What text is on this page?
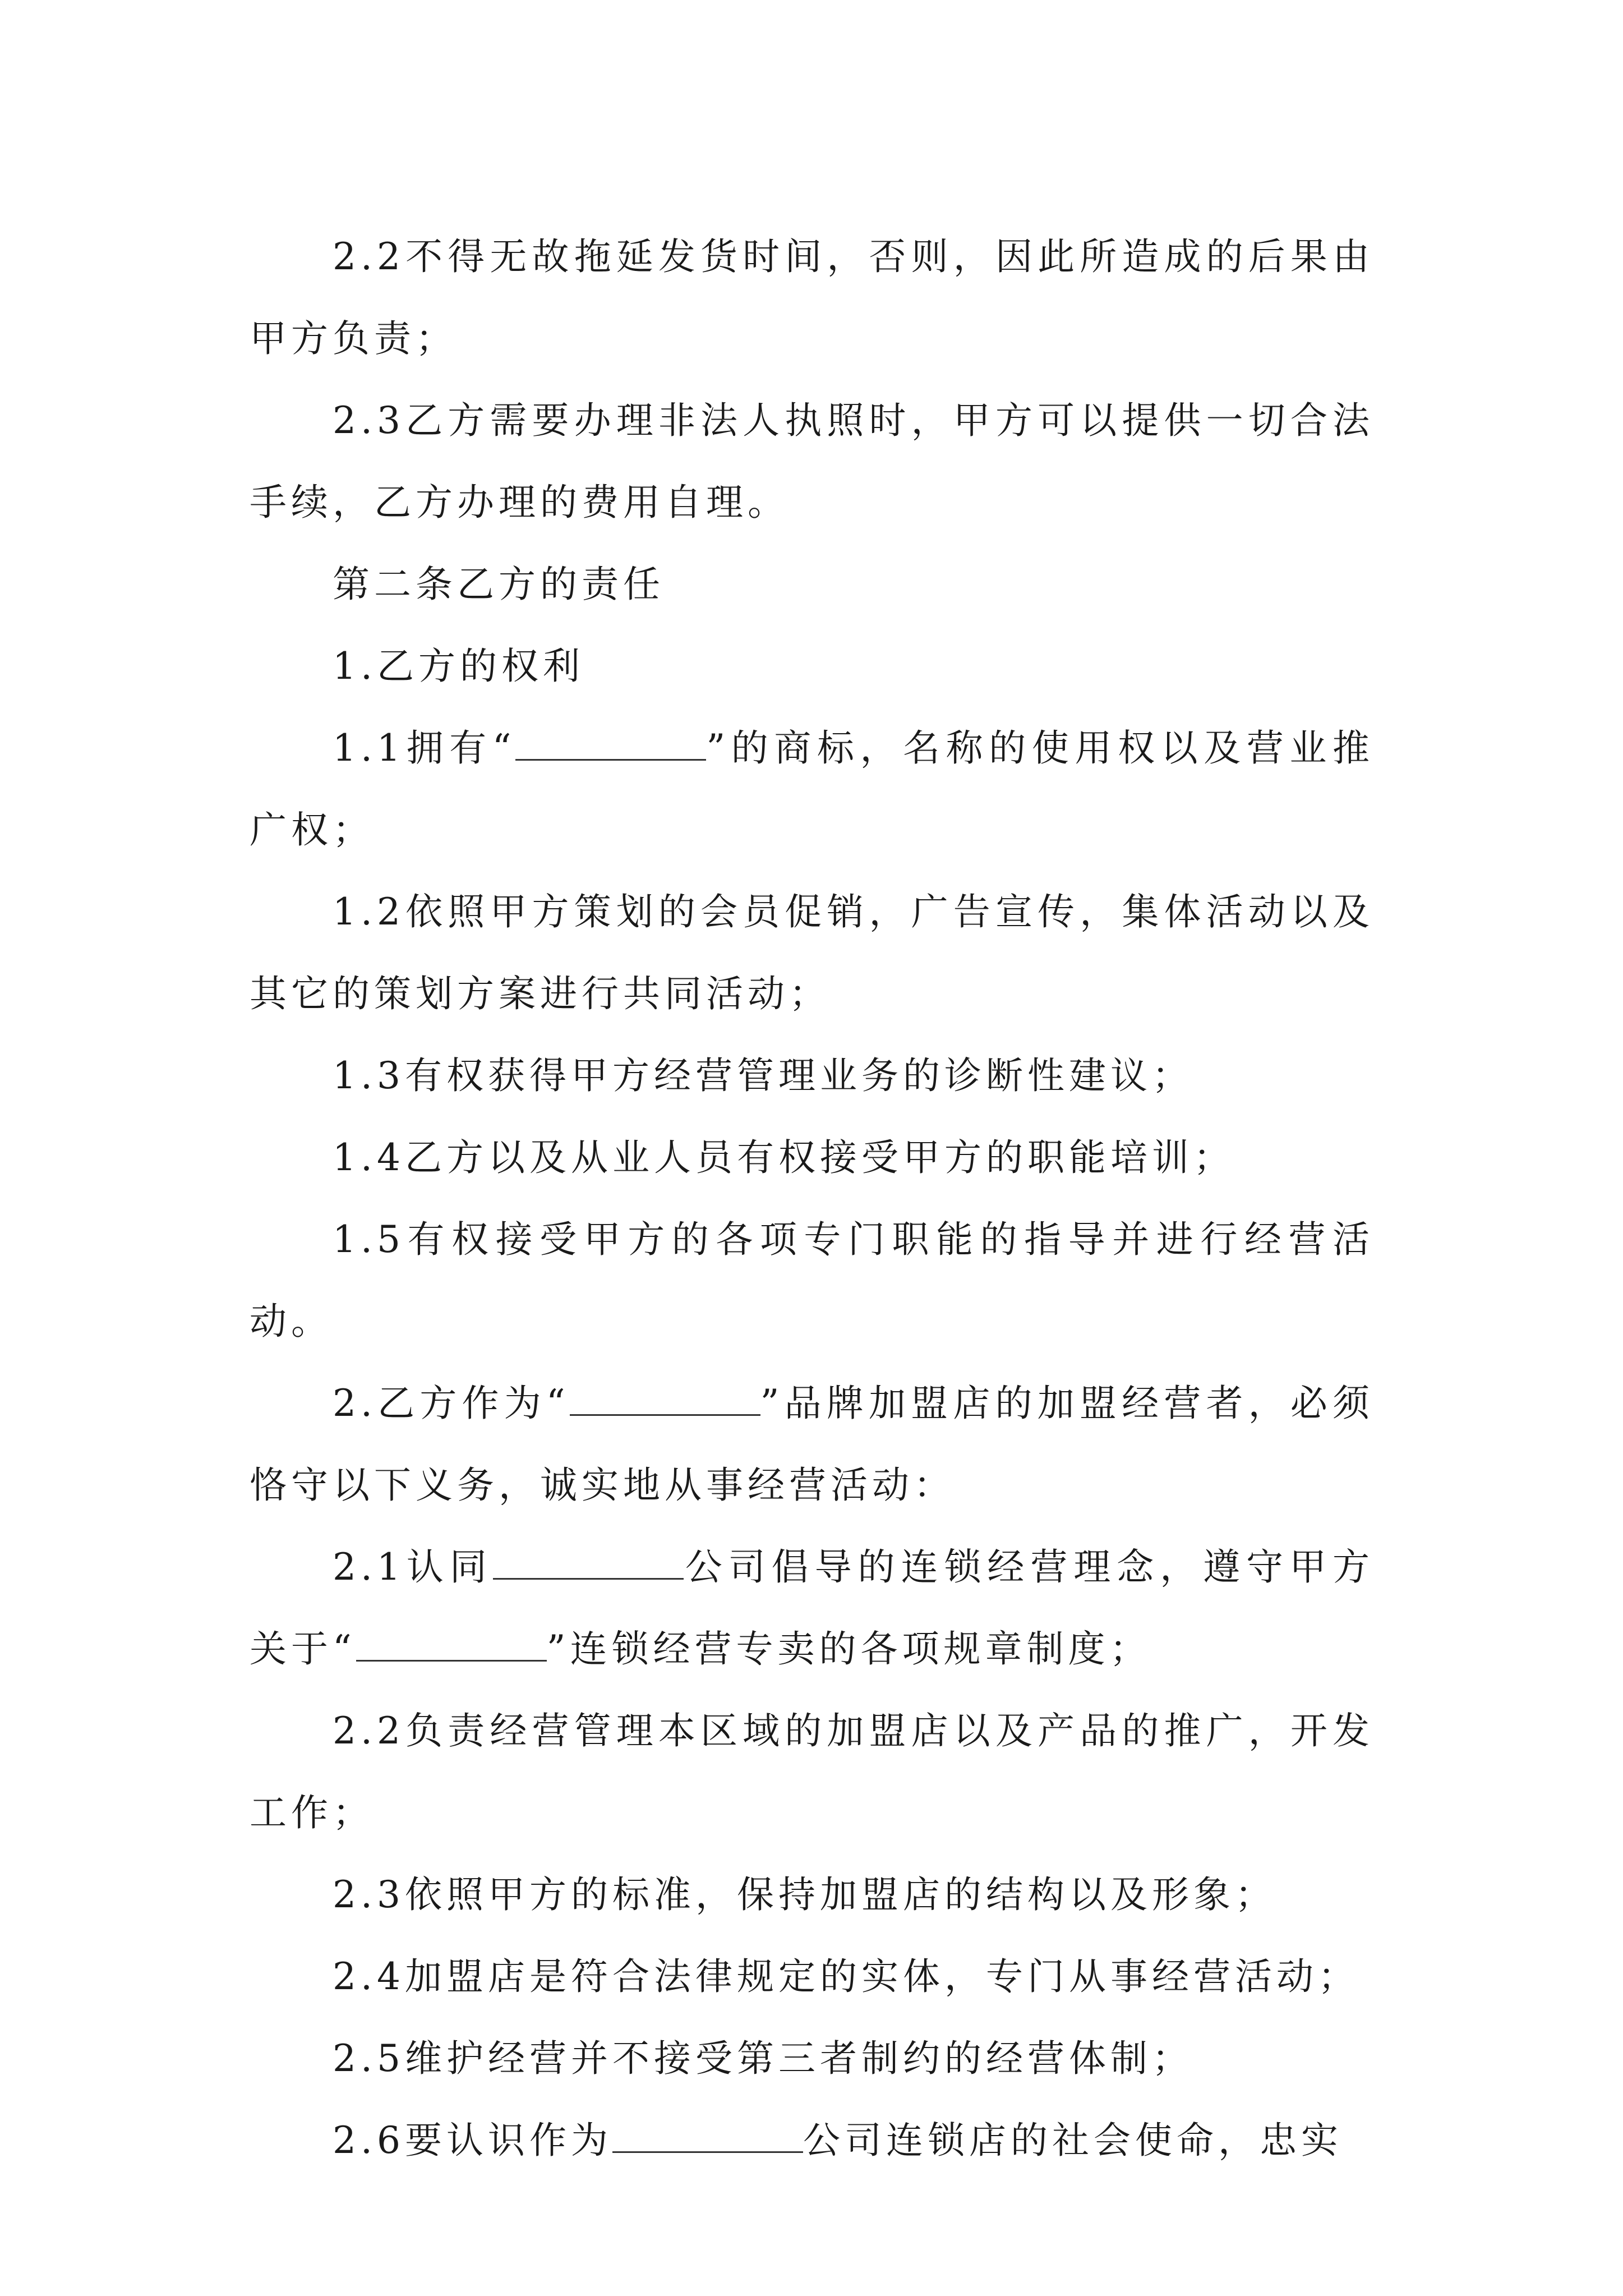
2.2不得无故拖延发货时间，否则，因此所造成的后果由甲方负责；

2.3乙方需要办理非法人执照时，甲方可以提供一切合法手续，乙方办理的费用自理。

第二条乙方的责任

1.乙方的权利

1.1拥有“	”的商标，名称的使用权以及营业推广权；

1.2依照甲方策划的会员促销，广告宣传，集体活动以及其它的策划方案进行共同活动；

1.3有权获得甲方经营管理业务的诊断性建议；

1.4乙方以及从业人员有权接受甲方的职能培训；

1.5有权接受甲方的各项专门职能的指导并进行经营活动。

2.乙方作为“	”品牌加盟店的加盟经营者，必须恪守以下义务，诚实地从事经营活动：

2.1认同	公司倡导的连锁经营理念，遵守甲方关于“	”连锁经营专卖的各项规章制度；

2.2负责经营管理本区域的加盟店以及产品的推广，开发工作；

2.3依照甲方的标准，保持加盟店的结构以及形象；

2.4加盟店是符合法律规定的实体，专门从事经营活动；

2.5维护经营并不接受第三者制约的经营体制；

2.6要认识作为	公司连锁店的社会使命，忠实
